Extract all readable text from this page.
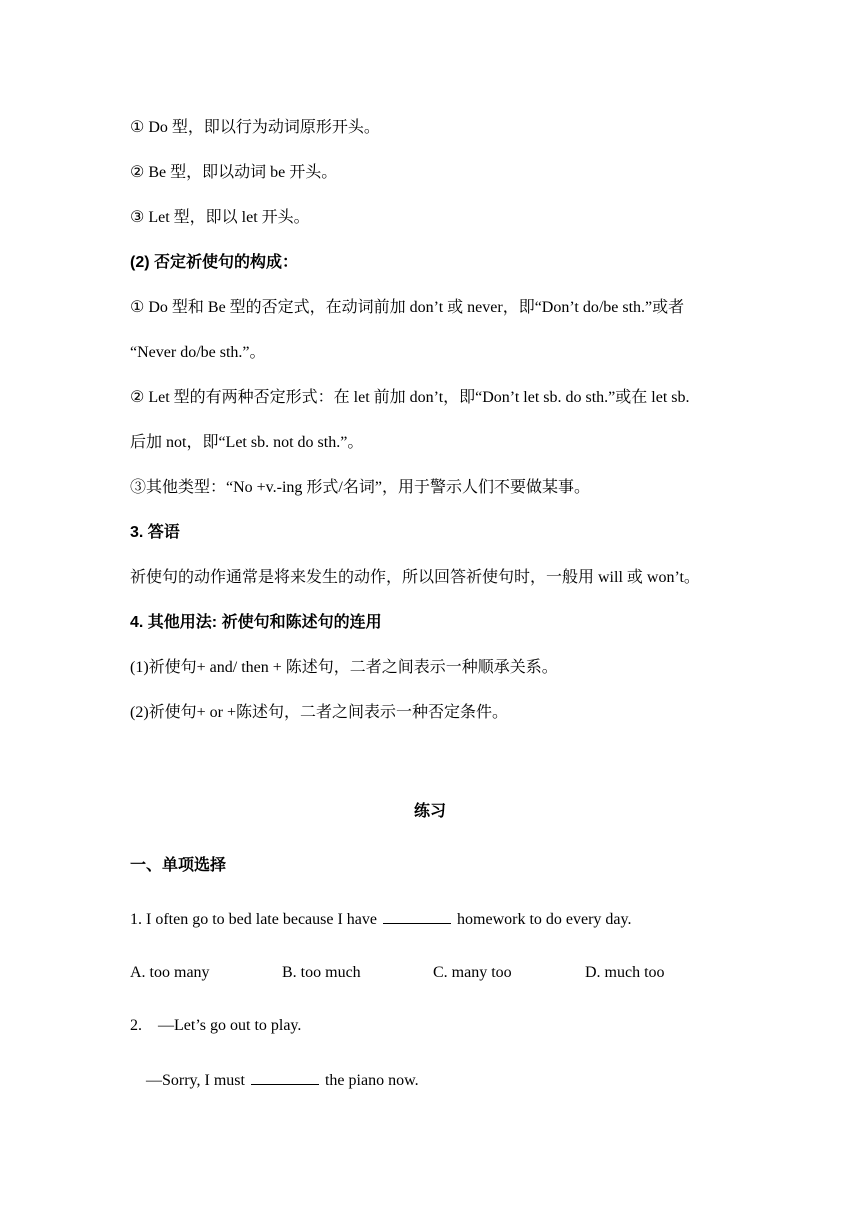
① Do 型，即以行为动词原形开头。
② Be 型，即以动词 be 开头。
③ Let 型，即以 let 开头。
(2) 否定祈使句的构成：
① Do 型和 Be 型的否定式，在动词前加 don’t 或 never，即“Don’t do/be sth.”或者
“Never do/be sth.”。
② Let 型的有两种否定形式：在 let 前加 don’t，即“Don’t let sb. do sth.”或在 let sb.
后加 not，即“Let sb. not do sth.”。
③其他类型：“No +v.-ing 形式/名词”，用于警示人们不要做某事。
3. 答语
祈使句的动作通常是将来发生的动作，所以回答祈使句时，一般用 will 或 won’t。
4. 其他用法: 祈使句和陈述句的连用
(1)祈使句+ and/ then + 陈述句，二者之间表示一种顺承关系。
(2)祈使句+ or +陈述句，二者之间表示一种否定条件。
练习
一、单项选择
1. I often go to bed late because I have	homework to do every day.
A. too many	B. too much	C. many too	D. much too
2.    —Let’s go out to play.
—Sorry, I must	the piano now.
